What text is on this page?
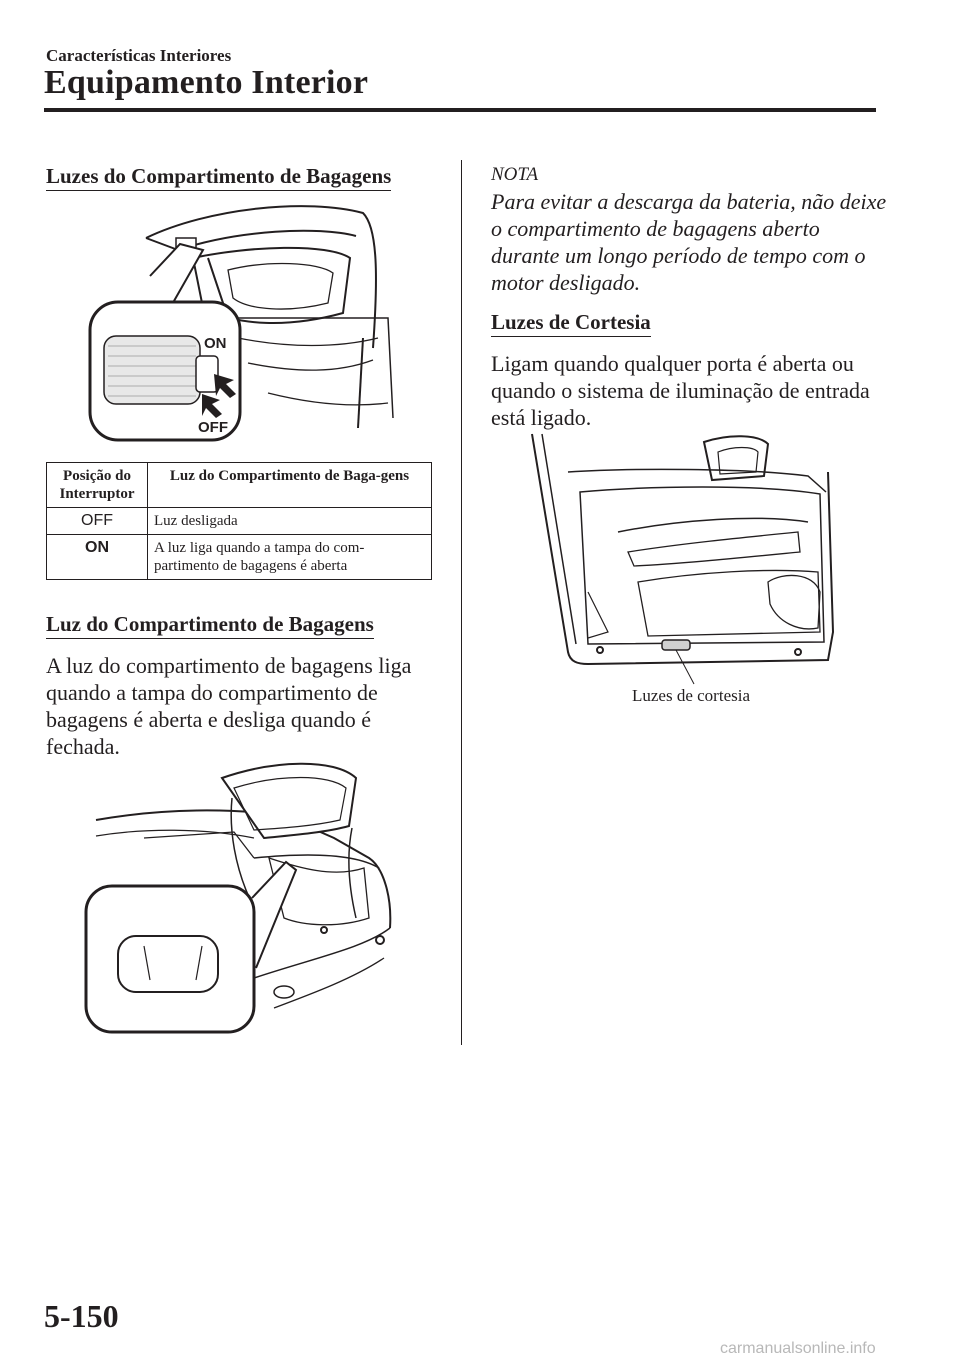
Características Interiores
Equipamento Interior
Luzes do Compartimento de Bagagens
ON
OFF
Posição do Interruptor	Luz do Compartimento de Baga-gens
OFF	Luz desligada
ON	A luz liga quando a tampa do com-partimento de bagagens é aberta
Luz do Compartimento de Bagagens
A luz do compartimento de bagagens liga quando a tampa do compartimento de bagagens é aberta e desliga quando é fechada.
NOTA
Para evitar a descarga da bateria, não deixe o compartimento de bagagens aberto durante um longo período de tempo com o motor desligado.
Luzes de Cortesia
Ligam quando qualquer porta é aberta ou quando o sistema de iluminação de entrada está ligado.
Luzes de cortesia
5-150
carmanualsonline.info
